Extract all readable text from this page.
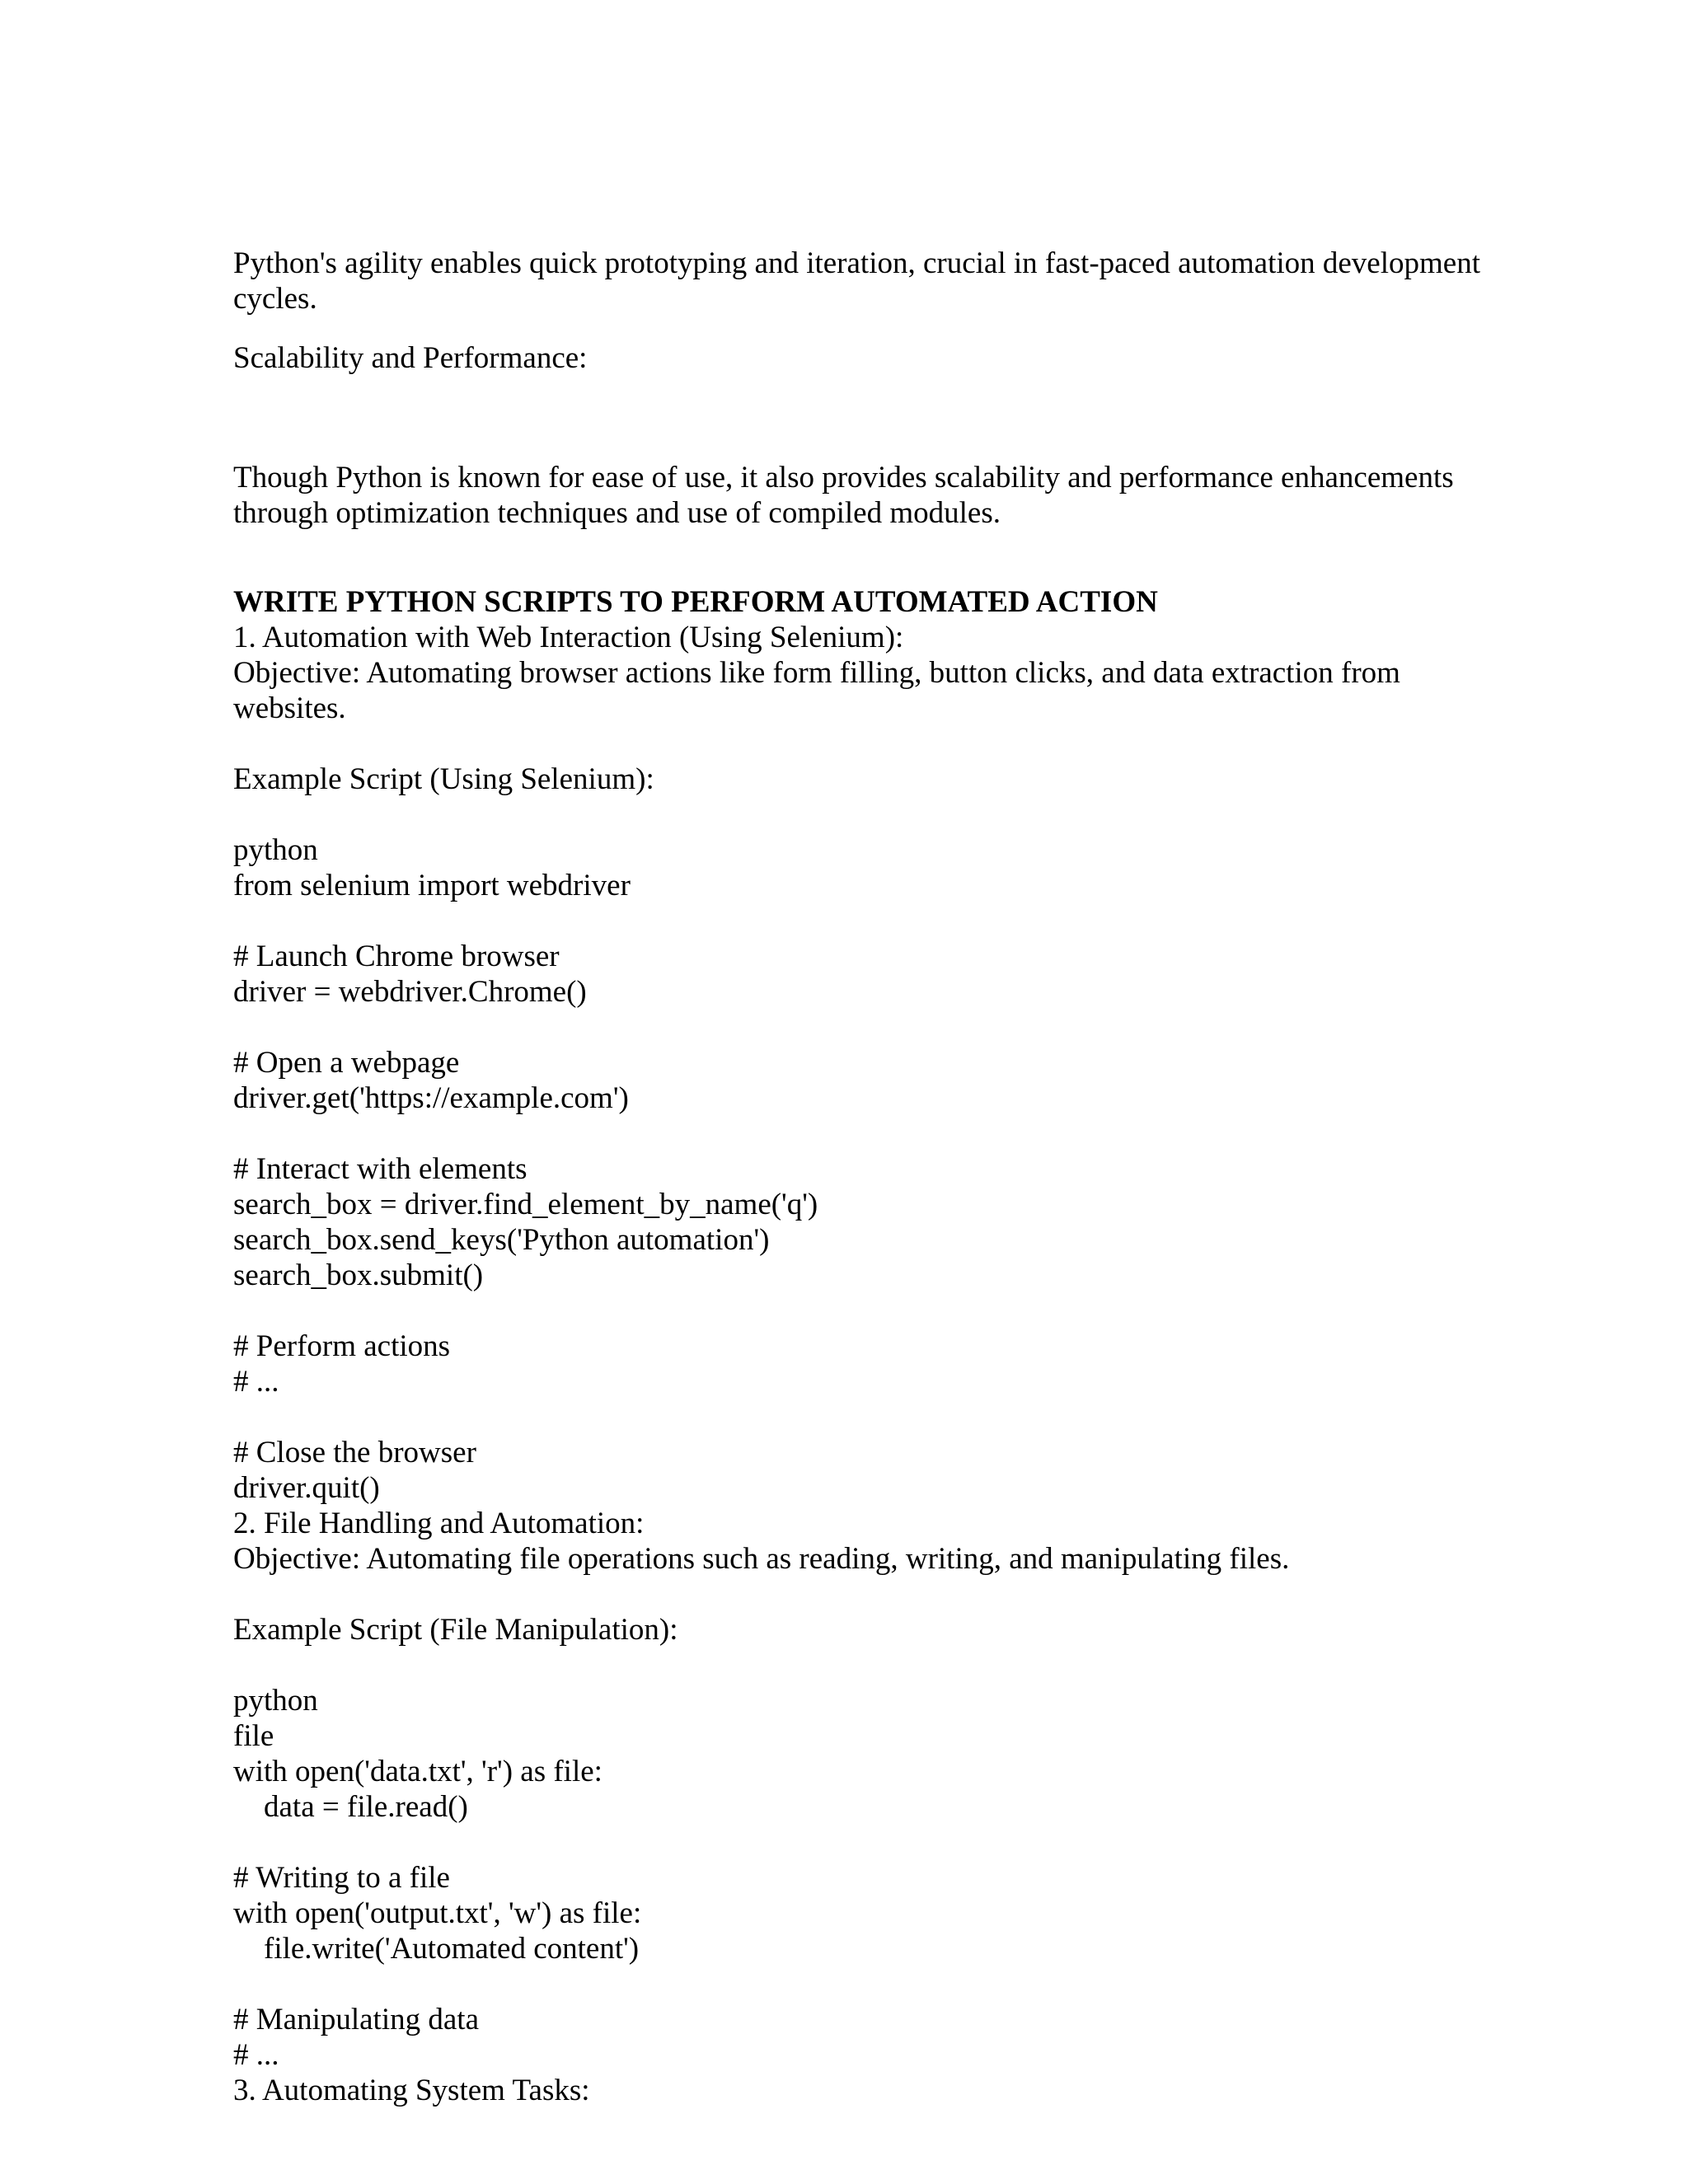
Python's agility enables quick prototyping and iteration, crucial in fast-paced automation development cycles.
Scalability and Performance:
Though Python is known for ease of use, it also provides scalability and performance enhancements through optimization techniques and use of compiled modules.
WRITE PYTHON SCRIPTS TO PERFORM AUTOMATED ACTION
1. Automation with Web Interaction (Using Selenium):
Objective: Automating browser actions like form filling, button clicks, and data extraction from websites.
Example Script (Using Selenium):
python
from selenium import webdriver
# Launch Chrome browser
driver = webdriver.Chrome()
# Open a webpage
driver.get('https://example.com')
# Interact with elements
search_box = driver.find_element_by_name('q')
search_box.send_keys('Python automation')
search_box.submit()
# Perform actions
# ...
# Close the browser
driver.quit()
2. File Handling and Automation:
Objective: Automating file operations such as reading, writing, and manipulating files.
Example Script (File Manipulation):
python
file
with open('data.txt', 'r') as file:
data = file.read()
# Writing to a file
with open('output.txt', 'w') as file:
file.write('Automated content')
# Manipulating data
# ...
3. Automating System Tasks:
